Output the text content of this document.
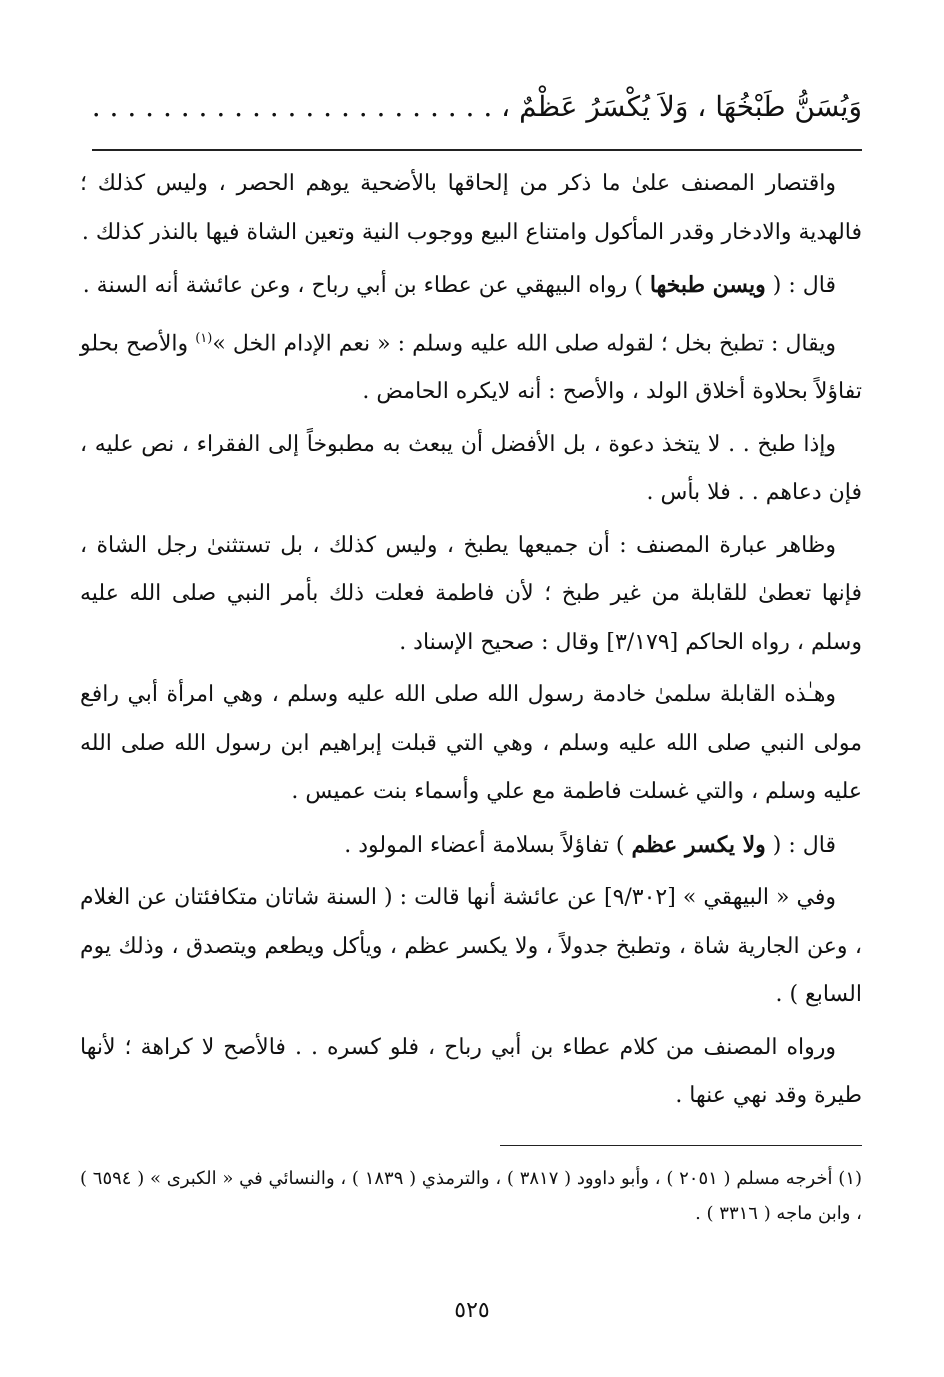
وَيُسَنُّ طَبْخُهَا ، وَلاَ يُكْسَرُ عَظْمٌ ، . . . . . . . . . . . . . . . . . . . . . . .

واقتصار المصنف علىٰ ما ذكر من إلحاقها بالأضحية يوهم الحصر ، وليس كذلك ؛ فالهدية والادخار وقدر المأكول وامتناع البيع ووجوب النية وتعين الشاة فيها بالنذر كذلك .

قال : ( ويسن طبخها ) رواه البيهقي عن عطاء بن أبي رباح ، وعن عائشة أنه السنة .

ويقال : تطبخ بخل ؛ لقوله صلى الله عليه وسلم : « نعم الإدام الخل »$^{(١)}$ والأصح بحلو تفاؤلاً بحلاوة أخلاق الولد ، والأصح : أنه لايكره الحامض .

وإذا طبخ . . لا يتخذ دعوة ، بل الأفضل أن يبعث به مطبوخاً إلى الفقراء ، نص عليه ، فإن دعاهم . . فلا بأس .

وظاهر عبارة المصنف : أن جميعها يطبخ ، وليس كذلك ، بل تستثنىٰ رجل الشاة ، فإنها تعطىٰ للقابلة من غير طبخ ؛ لأن فاطمة فعلت ذلك بأمر النبي صلى الله عليه وسلم ، رواه الحاكم [٣/١٧٩] وقال : صحيح الإسناد .

وهـٰذه القابلة سلمىٰ خادمة رسول الله صلى الله عليه وسلم ، وهي امرأة أبي رافع مولى النبي صلى الله عليه وسلم ، وهي التي قبلت إبراهيم ابن رسول الله صلى الله عليه وسلم ، والتي غسلت فاطمة مع علي وأسماء بنت عميس .

قال : ( ولا يكسر عظم ) تفاؤلاً بسلامة أعضاء المولود .

وفي « البيهقي » [٩/٣٠٢] عن عائشة أنها قالت : ( السنة شاتان متكافئتان عن الغلام ، وعن الجارية شاة ، وتطبخ جدولاً ، ولا يكسر عظم ، ويأكل ويطعم ويتصدق ، وذلك يوم السابع ) .

ورواه المصنف من كلام عطاء بن أبي رباح ، فلو كسره . . فالأصح لا كراهة ؛ لأنها طيرة وقد نهي عنها .

(١) أخرجه مسلم ( ٢٠٥١ ) ، وأبو داوود ( ٣٨١٧ ) ، والترمذي ( ١٨٣٩ ) ، والنسائي في « الكبرى » ( ٦٥٩٤ ) ، وابن ماجه ( ٣٣١٦ ) .
٥٢٥
